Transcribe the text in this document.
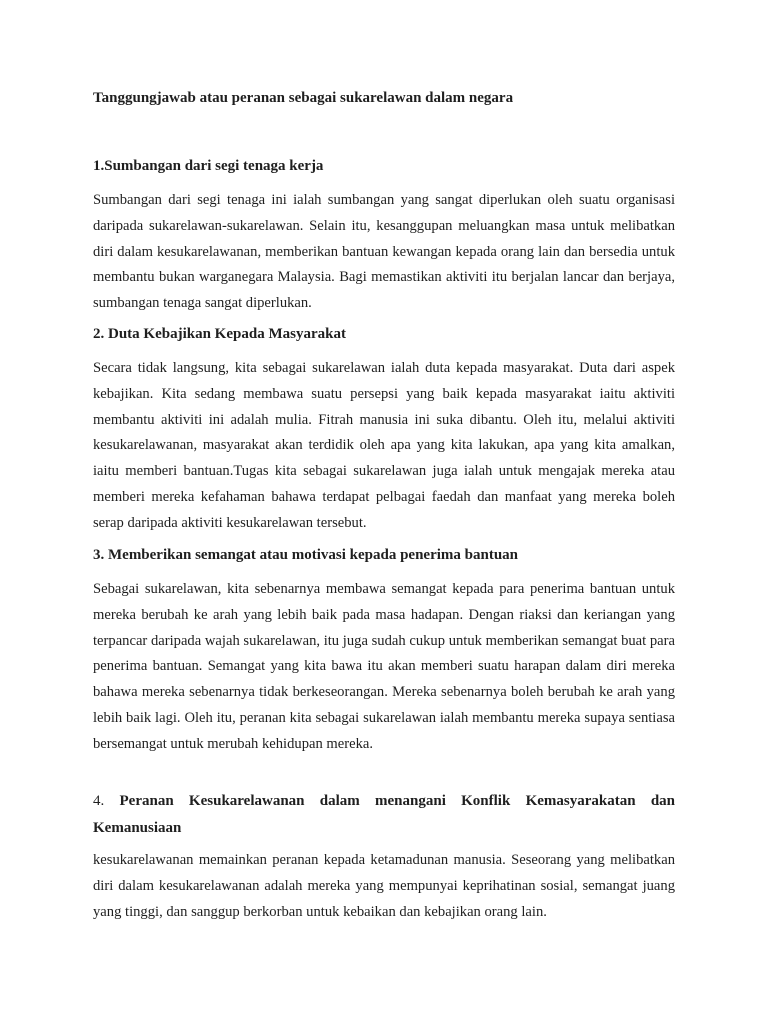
Tanggungjawab atau peranan sebagai sukarelawan dalam negara
1.Sumbangan dari segi tenaga kerja

Sumbangan dari segi tenaga ini ialah sumbangan yang sangat diperlukan oleh suatu organisasi daripada sukarelawan-sukarelawan. Selain itu, kesanggupan meluangkan masa untuk melibatkan diri dalam kesukarelawanan, memberikan bantuan kewangan kepada orang lain dan bersedia untuk membantu bukan warganegara Malaysia. Bagi memastikan aktiviti itu berjalan lancar dan berjaya, sumbangan tenaga sangat diperlukan.

2. Duta Kebajikan Kepada Masyarakat

Secara tidak langsung, kita sebagai sukarelawan ialah duta kepada masyarakat. Duta dari aspek kebajikan. Kita sedang membawa suatu persepsi yang baik kepada masyarakat iaitu aktiviti membantu aktiviti ini adalah mulia. Fitrah manusia ini suka dibantu. Oleh itu, melalui aktiviti kesukarelawanan, masyarakat akan terdidik oleh apa yang kita lakukan, apa yang kita amalkan, iaitu memberi bantuan.Tugas kita sebagai sukarelawan juga ialah untuk mengajak mereka atau memberi mereka kefahaman bahawa terdapat pelbagai faedah dan manfaat yang mereka boleh serap daripada aktiviti kesukarelawan tersebut.

3. Memberikan semangat atau motivasi kepada penerima bantuan

Sebagai sukarelawan, kita sebenarnya membawa semangat kepada para penerima bantuan untuk mereka berubah ke arah yang lebih baik pada masa hadapan. Dengan riaksi dan keriangan yang terpancar daripada wajah sukarelawan, itu juga sudah cukup untuk memberikan semangat buat para penerima bantuan. Semangat yang kita bawa itu akan memberi suatu harapan dalam diri mereka bahawa mereka sebenarnya tidak berkeseorangan. Mereka sebenarnya boleh berubah ke arah yang lebih baik lagi. Oleh itu, peranan kita sebagai sukarelawan ialah membantu mereka supaya sentiasa bersemangat untuk merubah kehidupan mereka.

4. Peranan Kesukarelawanan dalam menangani Konflik Kemasyarakatan dan Kemanusiaan

kesukarelawanan memainkan peranan kepada ketamadunan manusia. Seseorang yang melibatkan diri dalam kesukarelawanan adalah mereka yang mempunyai keprihatinan sosial, semangat juang yang tinggi, dan sanggup berkorban untuk kebaikan dan kebajikan orang lain.
